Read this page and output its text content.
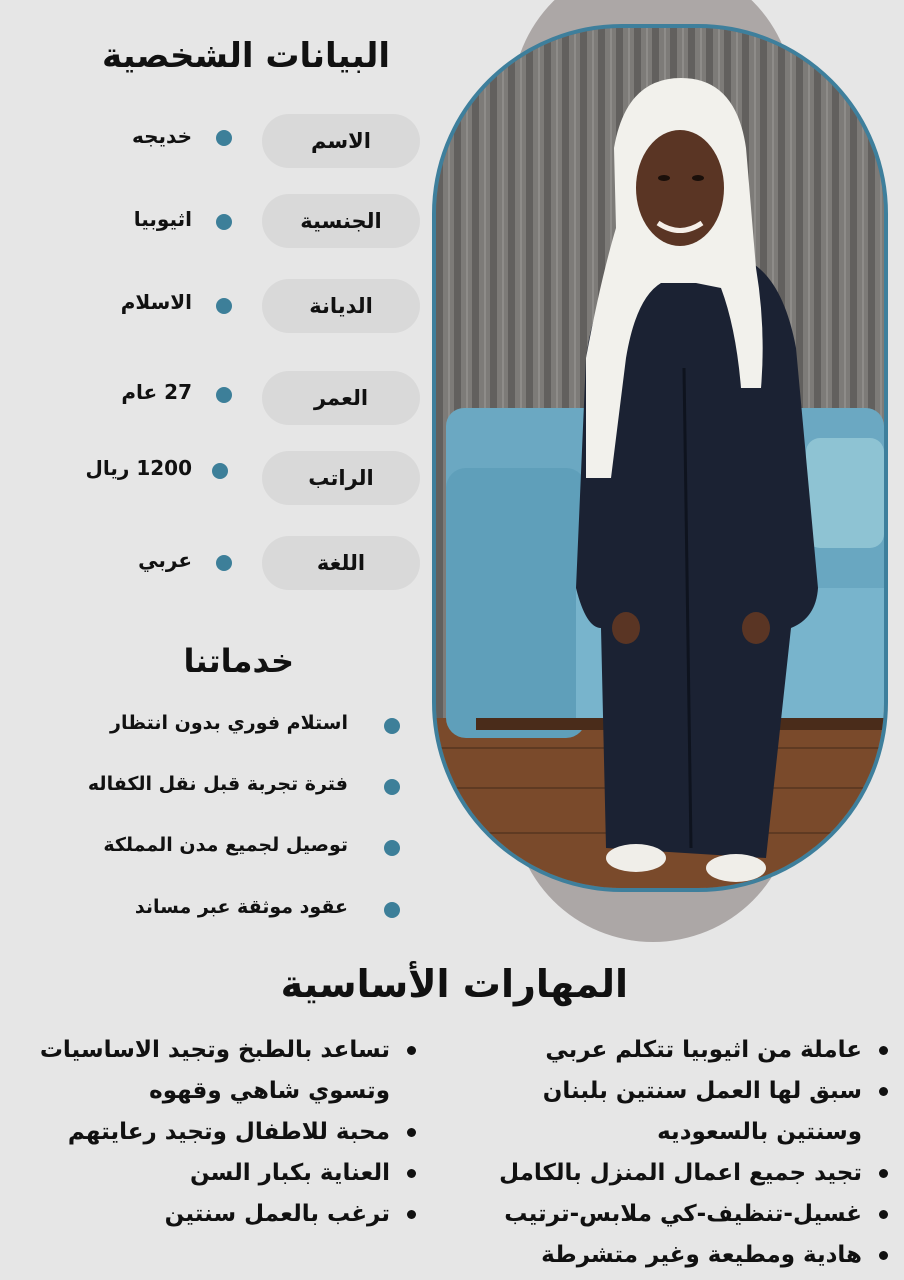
البيانات الشخصية
الاسم
خديجه
الجنسية
اثيوبيا
الديانة
الاسلام
العمر
27 عام
الراتب
1200 ريال
اللغة
عربي
خدماتنا
استلام فوري بدون انتظار
فترة تجربة قبل نقل الكفاله
توصيل لجميع مدن المملكة
عقود موثقة عبر مساند
المهارات الأساسية
عاملة من اثيوبيا تتكلم عربي
سبق لها العمل سنتين بلبنان
وسنتين بالسعوديه
تجيد جميع اعمال المنزل بالكامل
غسيل-تنظيف-كي ملابس-ترتيب
هادية ومطيعة وغير متشرطة
تساعد بالطبخ وتجيد الاساسيات
وتسوي شاهي وقهوه
محبة للاطفال وتجيد رعايتهم
العناية بكبار السن
ترغب بالعمل سنتين
